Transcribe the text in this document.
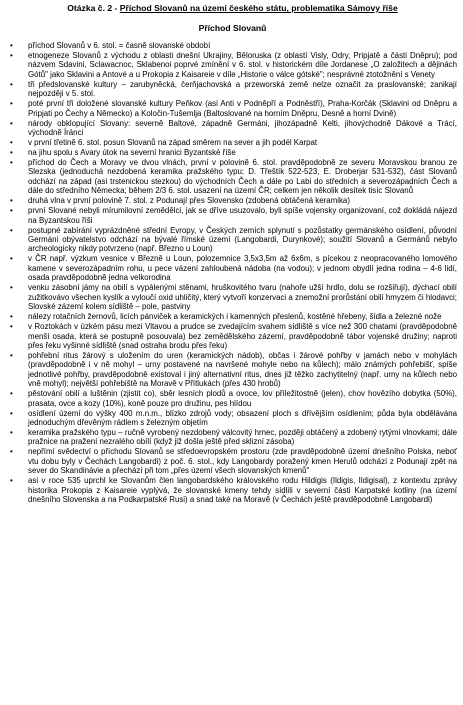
Otázka č. 2 - Příchod Slovanů na území českého státu, problematika Sámovy říše

Příchod Slovanů

• příchod Slovanů v 6. stol. = časně slovanské období
• etnogeneze Slovanů z východu z oblasti dnešní Ukrajiny, Běloruska (z oblastí Visly, Odry, Pripjatě a části Dněpru); pod názvem Sdavini, Sclawacnoc, Sklabenoi poprvé zmínění v 6. stol. v historickém díle Jordanese „O založitech a dějinách Gótů" jako Sklavini a Antové a u Prokopia z Kaisareie v díle „Historie o válce gótské"; nesprávné ztotožnění s Venety
• tři předslovanské kultury – zarubyněcká, čerňjachovská a przeworská země nelze označit za praslovanské; zanikají nejpozději v 5. stol.
• poté první tři doložené slovanské kultury Peňkov (asi Anti v Podněpří a Podněstří), Praha-Korčák (Sklavini od Dněpru a Pripjati po Čechy a Německo) a Koločin-Tušemlja (Baltoslované na horním Dněpru, Desně a horní Dvině)
• národy obklopující Slovany: severně Baltové, západně Germáni, jihozápadně Kelti, jihovýchodně Dákové a Trácí, východně Íránci
• v první třetině 6. stol. posun Slovanů na západ směrem na sever a jih podél Karpat
• na jihu spolu s Avary útok na severní hranici Byzantské říše
• příchod do Čech a Moravy ve dvou vlnách, první v polovině 6. stol. pravděpodobně ze severu Moravskou branou ze Slezska (jednoduchá nezdobená keramika pražského typu; D. Třeštík 522-523, E. Droberjar 531-532), část Slovanů odchází na západ (asi trstenickou stezkou) do východních Čech a dále po Labi do středních a severozápadních Čech a dále do středního Německa; během 2/3 6. stol. usazení na území ČR; celkem jen několik desítek tisíc Slovanů
• druhá vlna v první polovině 7. stol. z Podunají přes Slovensko (zdobená obtáčená keramika)
• první Slované nebyli mírumilovní zemědělci, jak se dříve usuzovalo, byli spíše vojensky organizovaní, což dokládá nájezd na Byzantskou říši
• postupné zabírání vyprázdněné střední Evropy, v Českých zemích splynutí s pozůstatky germánského osídlení, původní Germáni obývatelstvo odchází na bývalé římské území (Langobardi, Durynkové); soužití Slovanů a Germánů nebylo archeologicky nikdy potvrzeno (např. Březno u Loun)
• v ČR např. výzkum vesnice v Březně u Loun, polozemnice 3,5x3,5m až 6x6m, s pícekou z neopracovaného lomového kamene v severozápadním rohu, u pece vázení zahloubená nádoba (na vodou); v jednom obydlí jedna rodina – 4-6 lidí, osada pravděpodobně jedna velkorodina
• venku zásobní jámy na obilí s vypálenými stěnami, hruškovitého tvaru (nahoře užší hrdlo, dolu se rozšiřují), dýchací obilí zužitkovávo všechen kyslík a vyloučí oxid uhličitý, který vytvoří konzervaci a znemožní prorůstání obilí hmyzem či hlodavci; Slovské zázemí kolem sídliště – pole, pastviny
• nálezy rotačních žernovů, licích pánviček a keramických i kamenných přeslenů, kostěné hřebeny, šídla a železné nože
• v Roztokách v úzkém pásu mezi Vltavou a prudce se zvedajícím svahem sídliště s více než 300 chatami (pravděpodobně menší osada, která se postupně posouvala) bez zemědělského zázemí, pravděpodobně tábor vojenské družiny; naproti přes řeku vyšinné sídliště (snad ostraha brodu přes řeku)
• pohřební ritus žárový s uložením do uren (keramických nádob), občas i žárové pohřby v jamách nebo v mohylách (pravděpodobně i v ně mohyl – urny postavené na navršené mohyle nebo na kůlech); málo známých pohřebišť, spíše jednotlivé pohřby, pravděpodobně existoval i jiný alternativní ritus, dnes již těžko zachytitelný (např. urny na kůlech nebo vně mohyl); největší pohřebiště na Moravě v Přítlukách (přes 430 hrobů)
• pěstování obilí a luštěnin (zjistit co), sběr lesních plodů a ovoce, lov příležitostně (jelen), chov hovězího dobytka (50%), prasata, ovce a kozy (10%), koně pouze pro družinu, pes hlídou
• osídlení území do výšky 400 m.n.m., blízko zdrojů vody; obsazení ploch s dřívějším osídlením; půda byla obdělávána jednoduchým dřevěným rádlem s železným objetím
• keramika pražského typu – ručně vyrobený nezdobený válcovitý hrnec, později obtáčený a zdobený rytými vlnovkami; dále pražnice na pražení nezralého obílí (když již došla ještě před sklizní zásoba)
• nepřímí svědectví o příchodu Slovanů se středoevropském prostoru (zde pravděpodobně území dnešního Polska, neboť vtu dobu byly v Čechách Langobardi) z poč. 6. stol., kdy Langobardy poražený kmen Herulů odchází z Podunají zpět na sever do Skandinávie a přechází při tom „přes území všech slovanských kmenů"
• asi v roce 535 uprchl ke Slovanům člen langobardského královského rodu Hildigis (Ildigis, Ildigisal), z kontextu zprávy historika Prokopia z Kaisareie vyplývá, že slovanské kmeny tehdy sídlili v severní části Karpatské kotliny (na území dnešního Slovenska a na Podkarpatské Rusi) a snad také na Moravě (v Čechách ještě pravděpodobně Langobardi)
